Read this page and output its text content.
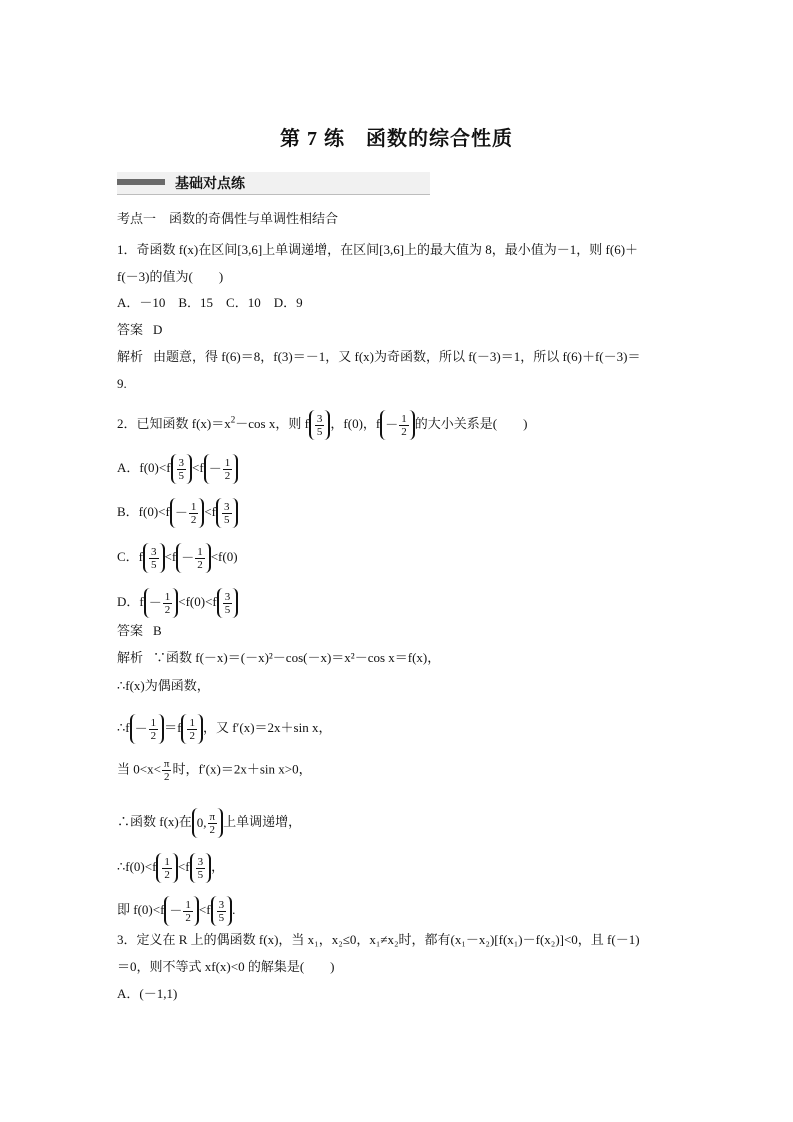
第 7 练　函数的综合性质
基础对点练
考点一　函数的奇偶性与单调性相结合
1．奇函数 f(x)在区间[3,6]上单调递增，在区间[3,6]上的最大值为 8，最小值为－1，则 f(6)＋
f(－3)的值为(　　)
A．－10　B．15　C．10　D．9
答案 D
解析 由题意，得 f(6)＝8，f(3)＝－1，又 f(x)为奇函数，所以 f(－3)＝1，所以 f(6)＋f(－3)＝
9.
2．已知函数 $f(x)=x^2-\cos$ x，则 f $\frac{3}{5}$ ，f(0)，$f - \frac{1}{2}$ 的大小关系是(　　)
A．$f(0)<f \frac{3}{5} <f - \frac{1}{2}$
B．$f(0)<f - \frac{1}{2} <f \frac{3}{5}$
C．f $\frac{3}{5} <f - \frac{1}{2} <f(0)$
D．$f - \frac{1}{2} <f(0)<f \frac{3}{5}$
答案 B
解析 ∵函数 f(－x)＝(－x)²－cos(－x)＝x²－cos x＝f(x)，
∴f(x)为偶函数，
∴f － $\frac{1}{2} =f \frac{1}{2}$ ，又 f′(x)＝2x＋sin x，
当 $0<x< \frac{\pi}{2}$ 时，f′(x)＝2x＋sin x>0，
∴函数 f(x)在 0, $\frac{\pi}{2}$ 上单调递增，
∴f(0)<f $\frac{1}{2} <f \frac{3}{5}$ ，
即 $f(0)<f - \frac{1}{2} <f \frac{3}{5}$ .
3．定义在 R 上的偶函数 f(x)，当 x₁，x₂≤0，x₁≠x₂时，都有(x₁－x₂)[f(x₁)－f(x₂)]<0，且 f(－1)
＝0，则不等式 xf(x)<0 的解集是(　　)
A．(－1,1)
